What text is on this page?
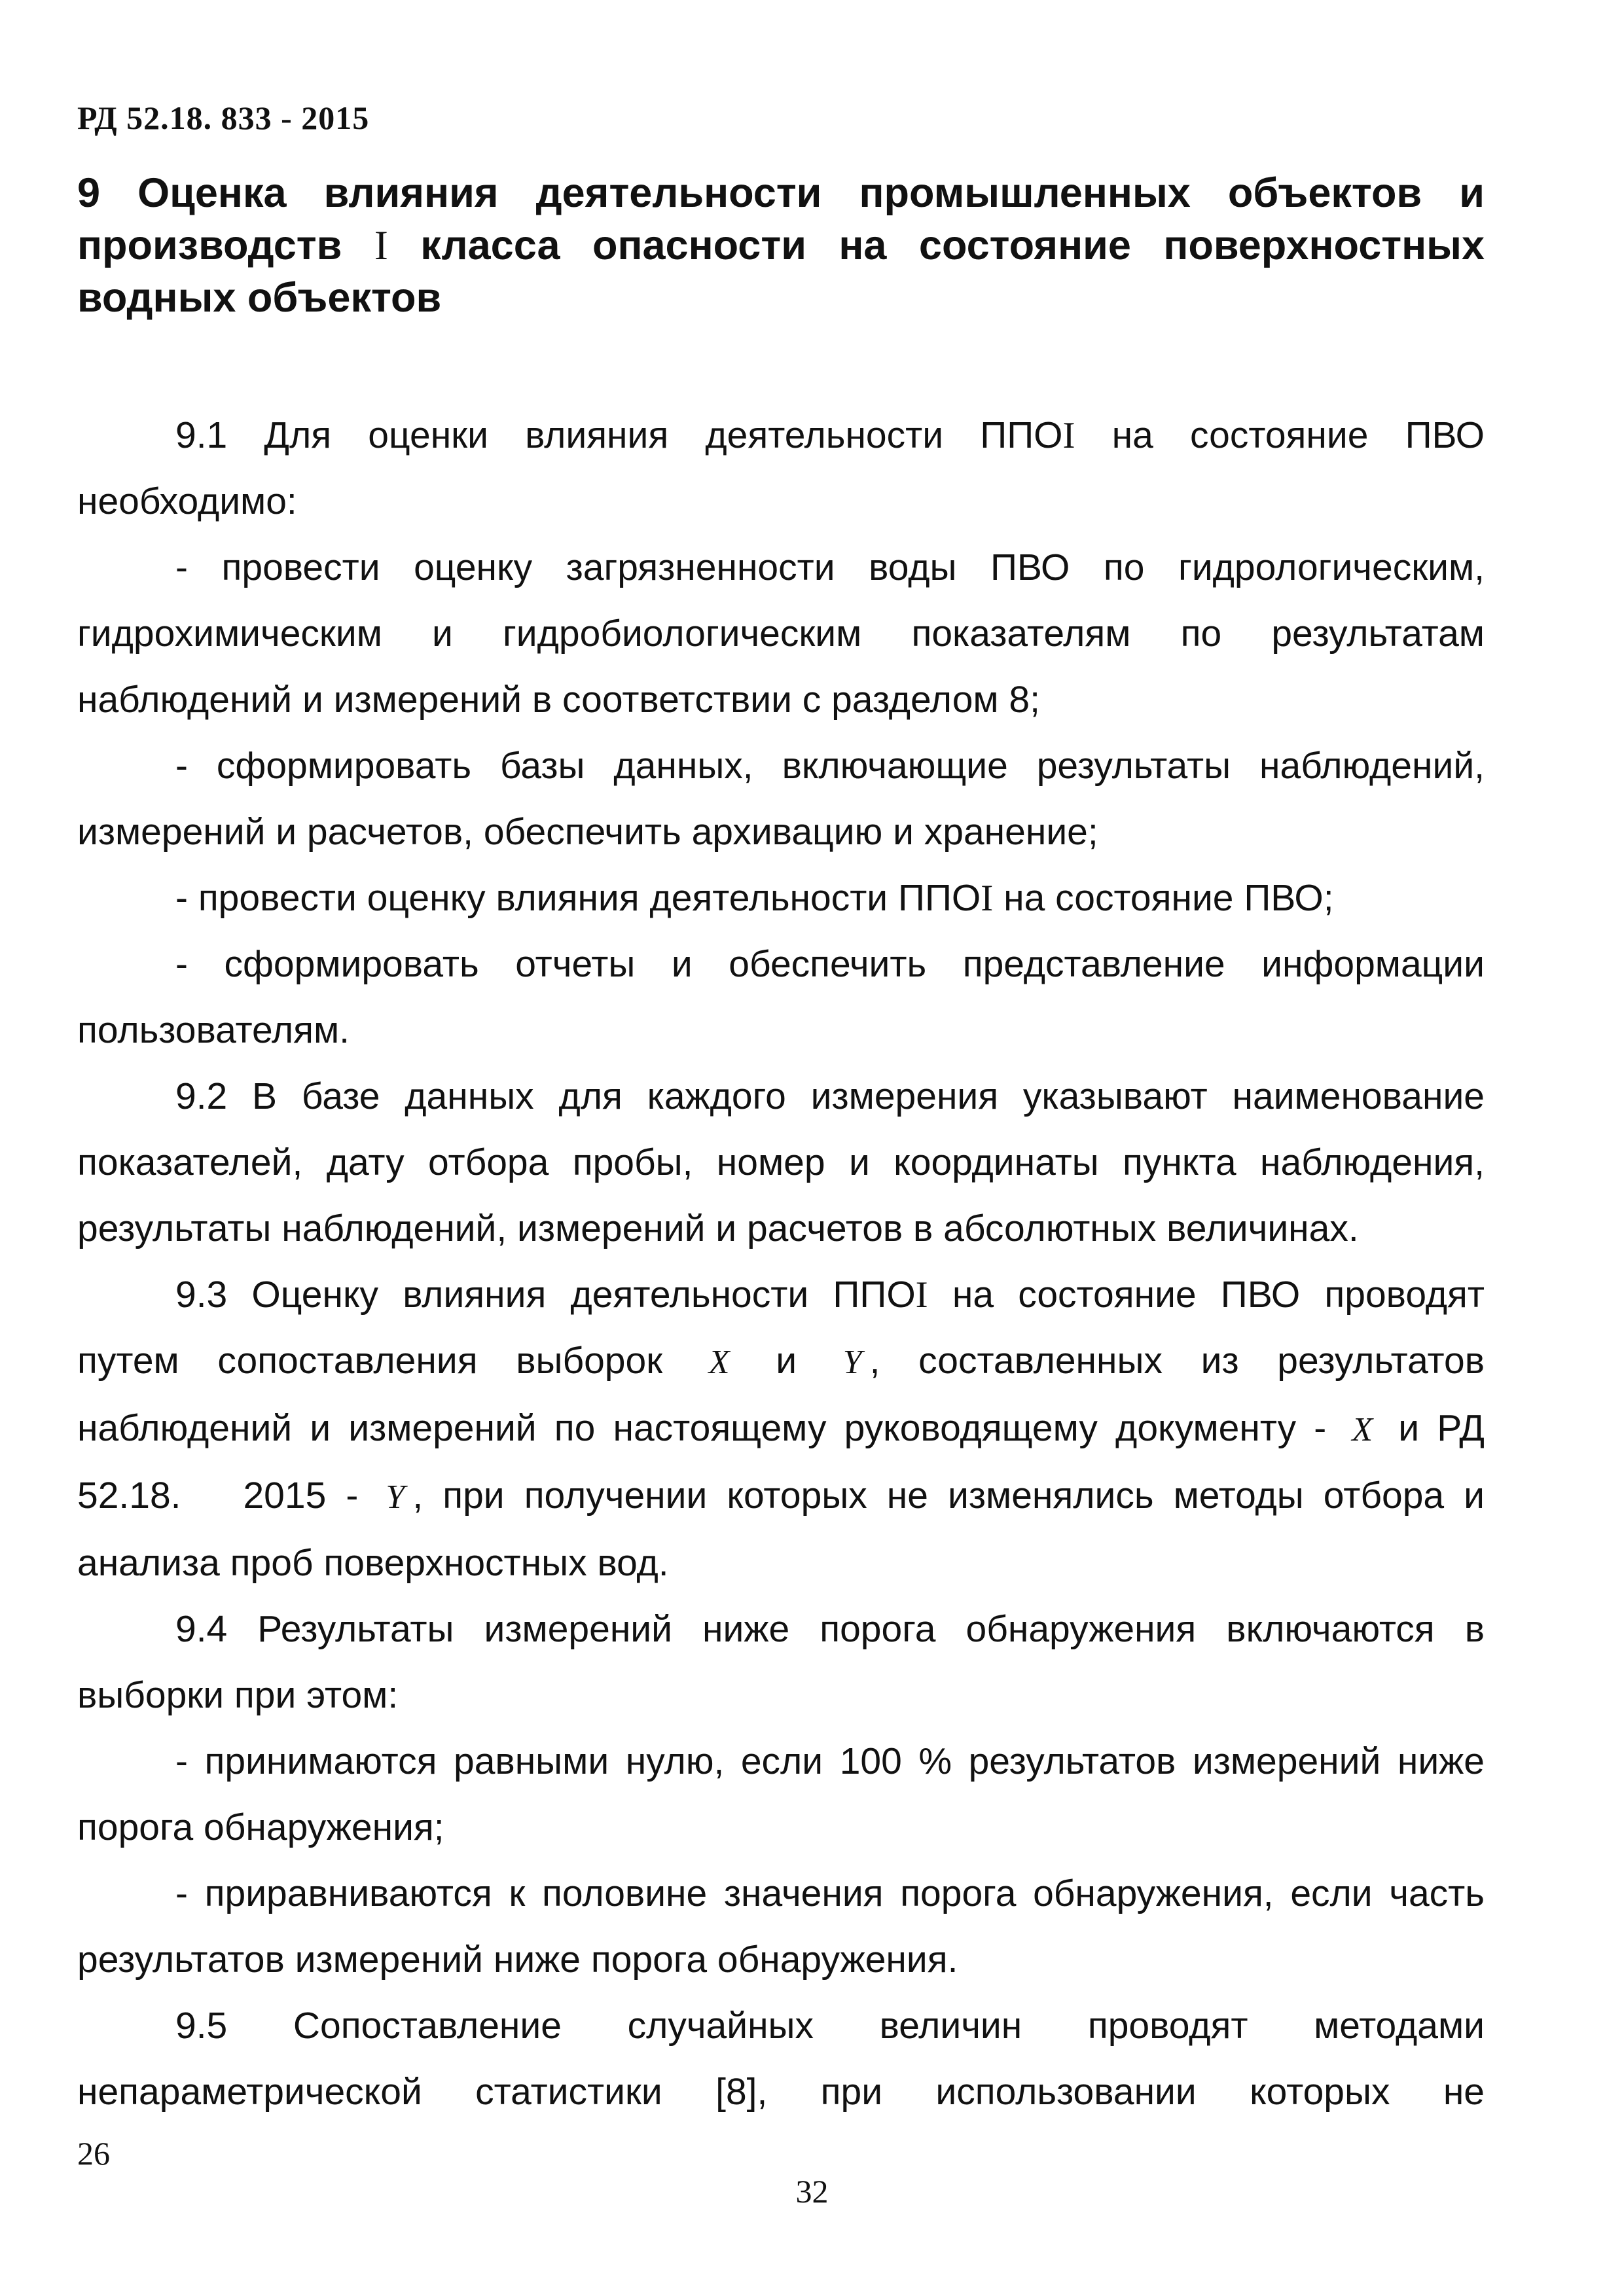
РД 52.18. 833 - 2015
9 Оценка влияния деятельности промышленных объектов и производств I класса опасности на состояние поверхностных водных объектов

9.1 Для оценки влияния деятельности ППОI на состояние ПВО необходимо:

- провести оценку загрязненности воды ПВО по гидрологическим, гидрохимическим и гидробиологическим показателям по результатам наблюдений и измерений в соответствии с разделом 8;

- сформировать базы данных, включающие результаты наблюдений, измерений и расчетов, обеспечить архивацию и хранение;

- провести оценку влияния деятельности ППОI на состояние ПВО;

- сформировать отчеты и обеспечить представление информации пользователям.

9.2 В базе данных для каждого измерения указывают наименование показателей, дату отбора пробы, номер и координаты пункта наблюдения, результаты наблюдений, измерений и расчетов в абсолютных величинах.

9.3 Оценку влияния деятельности ППОI на состояние ПВО проводят путем сопоставления выборок X и Y , составленных из результатов наблюдений и измерений по настоящему руководящему документу - X и РД 52.18. 2015 - Y , при получении которых не изменялись методы отбора и анализа проб поверхностных вод.

9.4 Результаты измерений ниже порога обнаружения включаются в выборки при этом:

- принимаются равными нулю, если 100 % результатов измерений ниже порога обнаружения;

- приравниваются к половине значения порога обнаружения, если часть результатов измерений ниже порога обнаружения.

9.5 Сопоставление случайных величин проводят методами непараметрической статистики [8], при использовании которых не

26
32
